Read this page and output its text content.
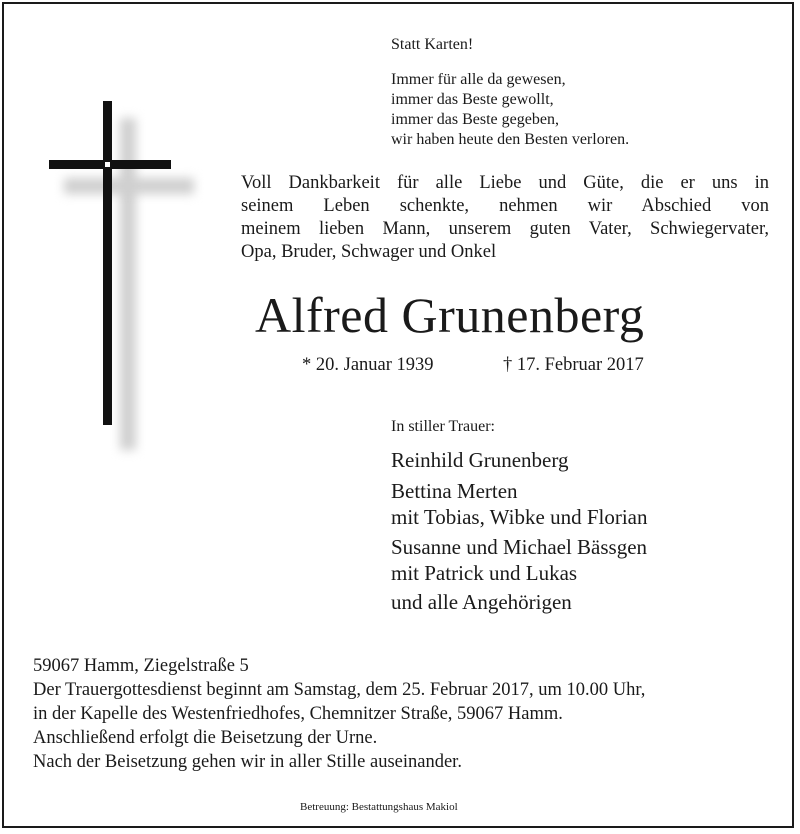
Statt Karten!
Immer für alle da gewesen,
immer das Beste gewollt,
immer das Beste gegeben,
wir haben heute den Besten verloren.

Voll Dankbarkeit für alle Liebe und Güte, die er uns in

seinem Leben schenkte, nehmen wir Abschied von

meinem lieben Mann, unserem guten Vater, Schwiegervater,

Opa, Bruder, Schwager und Onkel

Alfred Grunenberg
* 20. Januar 1939	† 17. Februar 2017
In stiller Trauer:
Reinhild Grunenberg
Bettina Merten
mit Tobias, Wibke und Florian
Susanne und Michael Bässgen
mit Patrick und Lukas
und alle Angehörigen
59067 Hamm, Ziegelstraße 5
Der Trauergottesdienst beginnt am Samstag, dem 25. Februar 2017, um 10.00 Uhr,
in der Kapelle des Westenfriedhofes, Chemnitzer Straße, 59067 Hamm.
Anschließend erfolgt die Beisetzung der Urne.
Nach der Beisetzung gehen wir in aller Stille auseinander.
Betreuung: Bestattungshaus Makiol
